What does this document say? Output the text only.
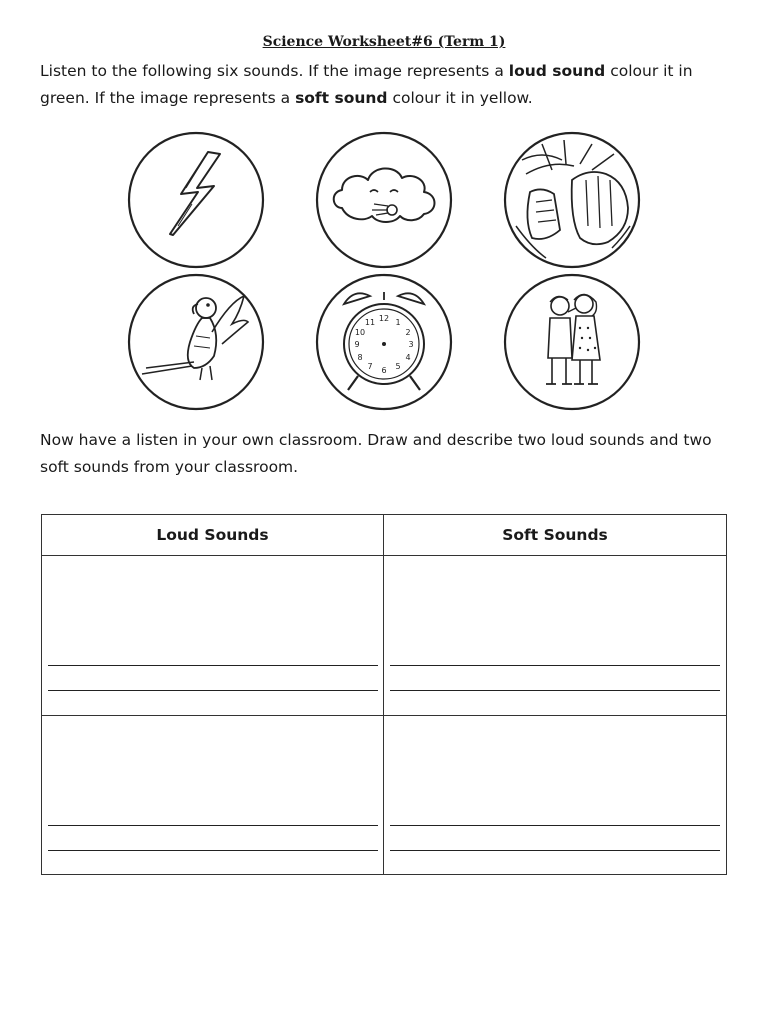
Science Worksheet#6 (Term 1)
Listen to the following six sounds. If the image represents a loud sound colour it in green. If the image represents a soft sound colour it in yellow.
12 1
2
3
4
5
6
7
8
9
10
11
Now have a listen in your own classroom. Draw and describe two loud sounds and two soft sounds from your classroom.
Loud Sounds	Soft Sounds
